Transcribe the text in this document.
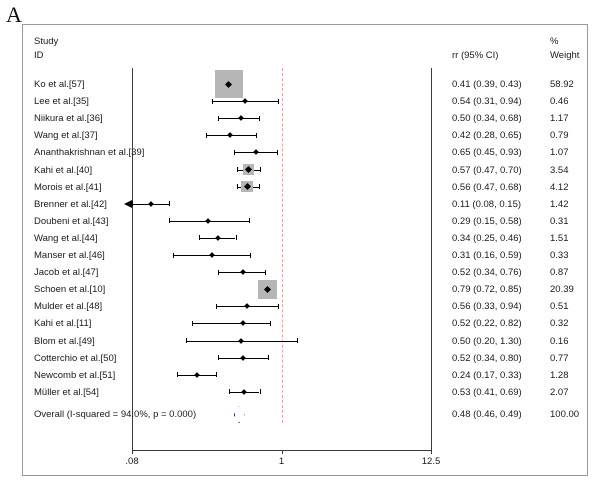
A
Study
ID	rr (95% CI)
%
Weight
Ko et al.[57]	0.41 (0.39, 0.43)	58.92
Lee et al.[35]	0.54 (0.31, 0.94)	0.46
Niikura et al.[36]	0.50 (0.34, 0.68)	1.17
Wang et al.[37]	0.42 (0.28, 0.65)	0.79
Ananthakrishnan et al.[39]	0.65 (0.45, 0.93)	1.07
Kahi et al.[40]	0.57 (0.47, 0.70)	3.54
Morois et al.[41]	0.56 (0.47, 0.68)	4.12
Brenner et al.[42]	0.11 (0.08, 0.15)	1.42
Doubeni et al.[43]	0.29 (0.15, 0.58)	0.31
Wang et al.[44]	0.34 (0.25, 0.46)	1.51
Manser et al.[46]	0.31 (0.16, 0.59)	0.33
Jacob et al.[47]	0.52 (0.34, 0.76)	0.87
Schoen et al.[10]	0.79 (0.72, 0.85)	20.39
Mulder et al.[48]	0.56 (0.33, 0.94)	0.51
Kahi et al.[11]	0.52 (0.22, 0.82)	0.32
Blom et al.[49]	0.50 (0.20, 1.30)	0.16
Cotterchio et al.[50]	0.52 (0.34, 0.80)	0.77
Newcomb et al.[51]	0.24 (0.17, 0.33)	1.28
Müller et al.[54]	0.53 (0.41, 0.69)	2.07
Overall (I-squared = 94.0%, p = 0.000)	0.48 (0.46, 0.49)	100.00
.08	1	12.5
